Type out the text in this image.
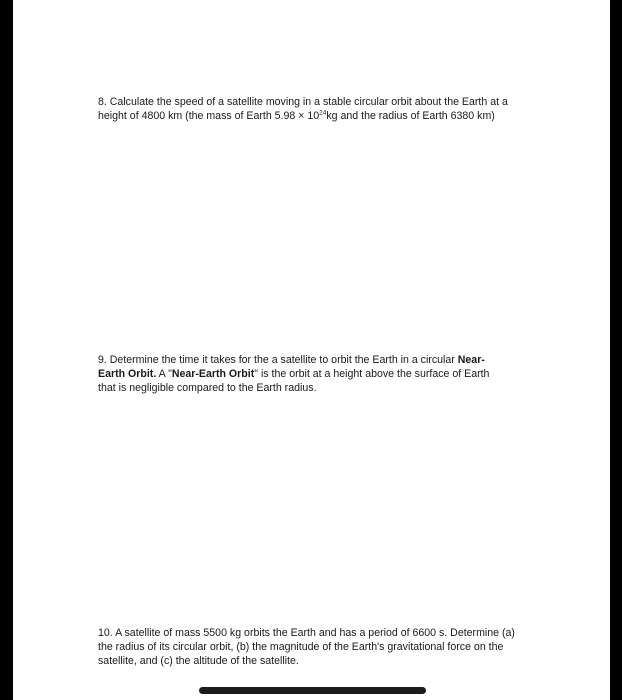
8. Calculate the speed of a satellite moving in a stable circular orbit about the Earth at a height of 4800 km (the mass of Earth $5.98 \times 10^{24}kg$ and the radius of Earth 6380 km)
9. Determine the time it takes for the a satellite to orbit the Earth in a circular Near-Earth Orbit. A "Near-Earth Orbit" is the orbit at a height above the surface of Earth that is negligible compared to the Earth radius.
10. A satellite of mass 5500 kg orbits the Earth and has a period of 6600 s. Determine (a) the radius of its circular orbit, (b) the magnitude of the Earth's gravitational force on the satellite, and (c) the altitude of the satellite.
